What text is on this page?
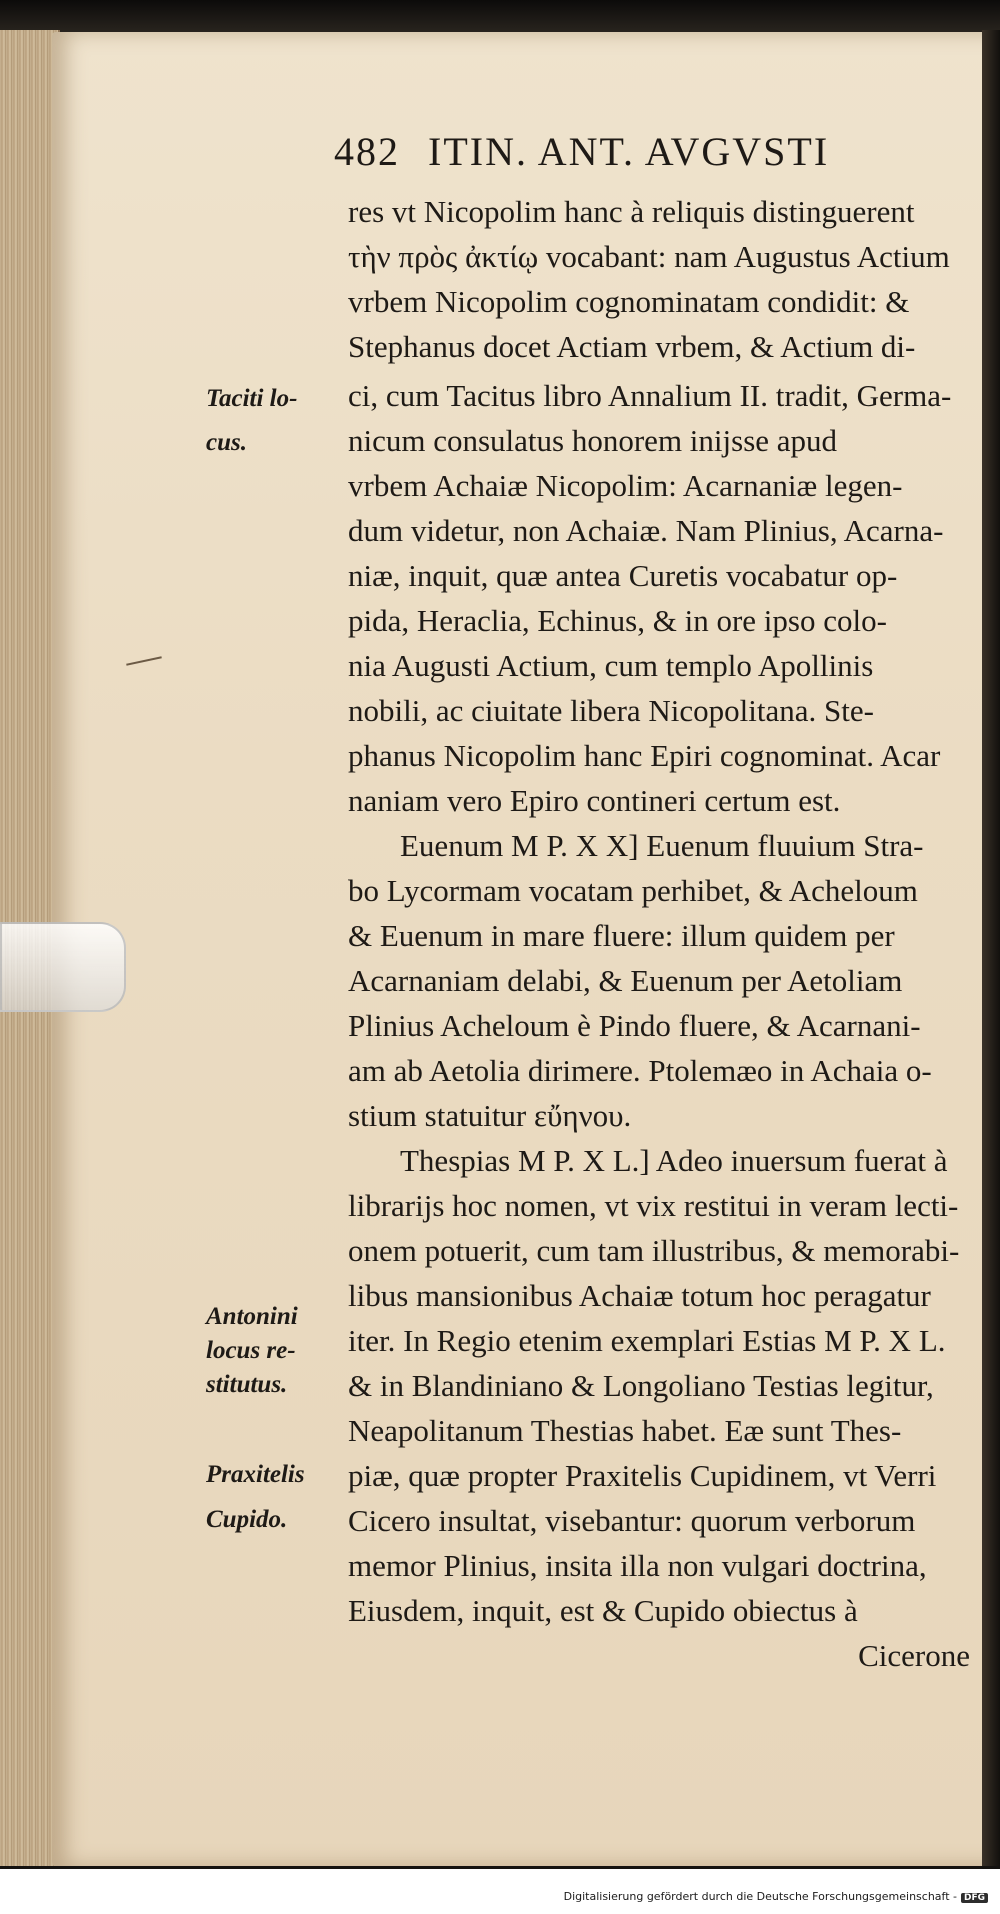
482 ITIN. ANT. AVGVSTI
res vt Nicopolim hanc à reliquis distinguerent
τὴν πρὸς ἀκτίῳ vocabant: nam Augustus Actium
vrbem Nicopolim cognominatam condidit: &
Stephanus docet Actiam vrbem, & Actium di-
ci, cum Tacitus libro Annalium II. tradit, Germa-
nicum consulatus honorem inijsse apud
vrbem Achaiæ Nicopolim: Acarnaniæ legen-
dum videtur, non Achaiæ. Nam Plinius, Acarna-
niæ, inquit, quæ antea Curetis vocabatur op-
pida, Heraclia, Echinus, & in ore ipso colo-
nia Augusti Actium, cum templo Apollinis
nobili, ac ciuitate libera Nicopolitana. Ste-
phanus Nicopolim hanc Epiri cognominat. Acar
naniam vero Epiro contineri certum est.
Euenum M P. X X] Euenum fluuium Stra-
bo Lycormam vocatam perhibet, & Acheloum
& Euenum in mare fluere: illum quidem per
Acarnaniam delabi, & Euenum per Aetoliam
Plinius Acheloum è Pindo fluere, & Acarnani-
am ab Aetolia dirimere. Ptolemæo in Achaia o-
stium statuitur εὔηνου.
Thespias M P. X L.] Adeo inuersum fuerat à
librarijs hoc nomen, vt vix restitui in veram lecti-
onem potuerit, cum tam illustribus, & memorabi-
libus mansionibus Achaiæ totum hoc peragatur
iter. In Regio etenim exemplari Estias M P. X L.
& in Blandiniano & Longoliano Testias legitur,
Neapolitanum Thestias habet. Eæ sunt Thes-
piæ, quæ propter Praxitelis Cupidinem, vt Verri
Cicero insultat, visebantur: quorum verborum
memor Plinius, insita illa non vulgari doctrina,
Eiusdem, inquit, est & Cupido obiectus à
Cicerone
Taciti lo-
cus.
Antonini
locus re-
stitutus.
Praxitelis
Cupido.
Digitalisierung gefördert durch die Deutsche Forschungsgemeinschaft - DFG
